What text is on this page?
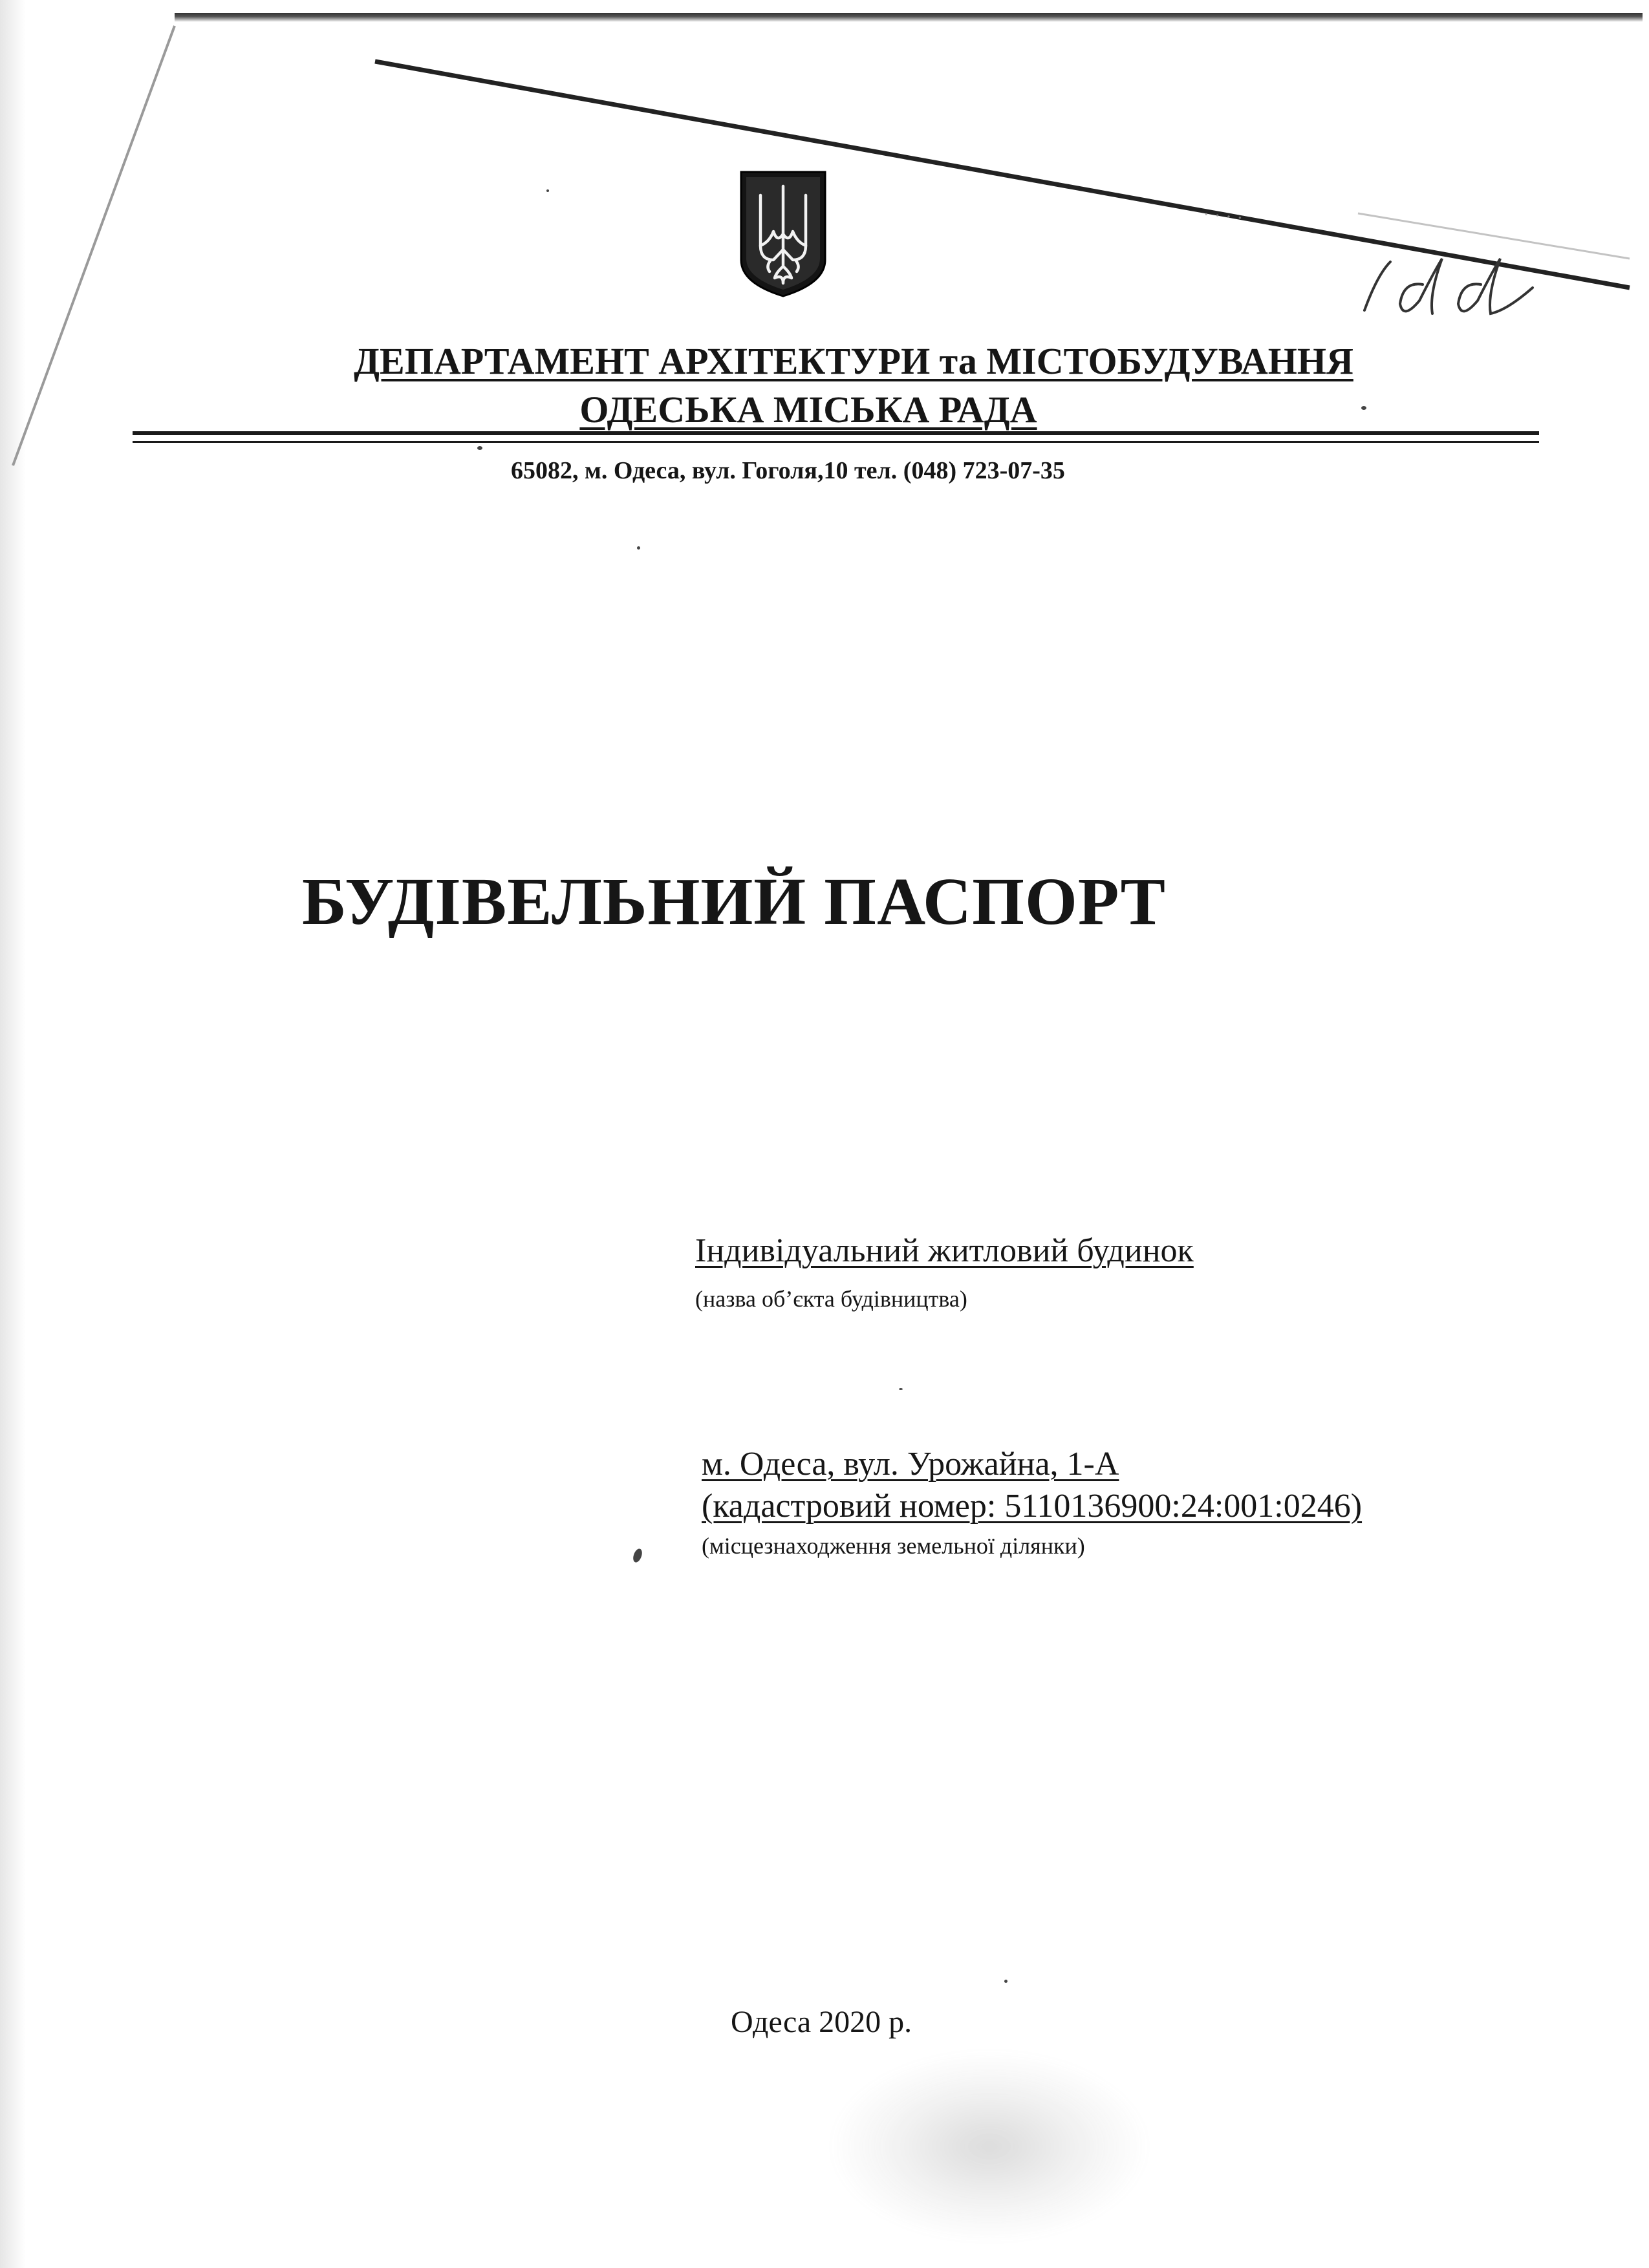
· · · ·
ДЕПАРТАМЕНТ АРХІТЕКТУРИ та МІСТОБУДУВАННЯ
ОДЕСЬКА МІСЬКА РАДА
65082, м. Одеса, вул. Гоголя,10 тел. (048) 723-07-35
БУДІВЕЛЬНИЙ ПАСПОРТ
Індивідуальний житловий будинок
(назва об’єкта будівництва)
м. Одеса, вул. Урожайна, 1-А
(кадастровий номер: 5110136900:24:001:0246)
(місцезнаходження земельної ділянки)
Одеса 2020 р.
